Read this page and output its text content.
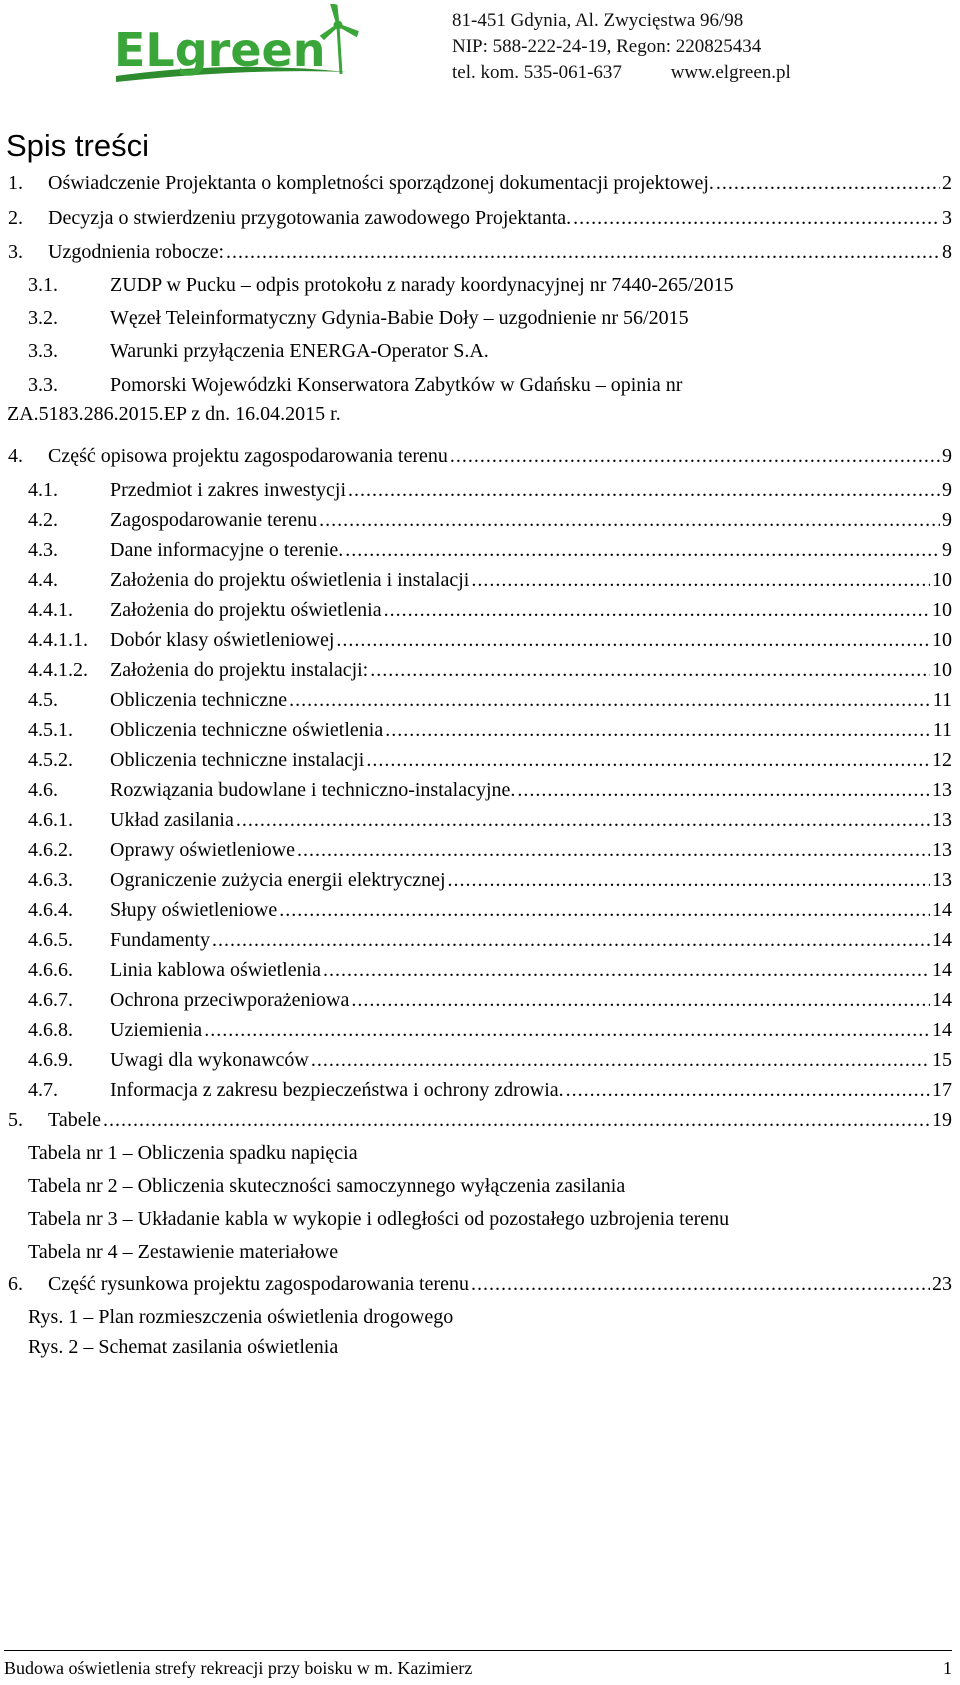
ELgreen
81-451 Gdynia, Al. Zwycięstwa 96/98
NIP: 588-222-24-19, Regon: 220825434
tel. kom. 535-061-637	www.elgreen.pl
Spis treści
1. Oświadczenie Projektanta o kompletności sporządzonej dokumentacji projektowej. .....	2
2. Decyzja o stwierdzeniu przygotowania zawodowego Projektanta. .....	3
3. Uzgodnienia robocze: .....	8
3.1.	ZUDP w Pucku – odpis protokołu z narady koordynacyjnej nr 7440-265/2015
3.2.	Węzeł Teleinformatyczny Gdynia-Babie Doły – uzgodnienie nr 56/2015
3.3.	Warunki przyłączenia ENERGA-Operator S.A.
3.3.	Pomorski Wojewódzki Konserwatora Zabytków w Gdańsku – opinia nr
ZA.5183.286.2015.EP z dn. 16.04.2015 r.
4. Część opisowa projektu zagospodarowania terenu .....	9
4.1.	Przedmiot i zakres inwestycji .....	9
4.2.	Zagospodarowanie terenu .....	9
4.3.	Dane informacyjne o terenie. .....	9
4.4.	Założenia do projektu oświetlenia i instalacji .....	10
4.4.1. Założenia do projektu oświetlenia .....	10
4.4.1.1. Dobór klasy oświetleniowej .....	10
4.4.1.2. Założenia do projektu instalacji: .....	10
4.5.	Obliczenia techniczne .....	11
4.5.1. Obliczenia techniczne oświetlenia .....	11
4.5.2. Obliczenia techniczne instalacji .....	12
4.6.	Rozwiązania budowlane i techniczno-instalacyjne. .....	13
4.6.1. Układ zasilania .....	13
4.6.2. Oprawy oświetleniowe .....	13
4.6.3. Ograniczenie zużycia energii elektrycznej .....	13
4.6.4. Słupy oświetleniowe .....	14
4.6.5. Fundamenty .....	14
4.6.6. Linia kablowa oświetlenia .....	14
4.6.7. Ochrona przeciwporażeniowa .....	14
4.6.8. Uziemienia .....	14
4.6.9. Uwagi dla wykonawców .....	15
4.7.	Informacja z zakresu bezpieczeństwa i ochrony zdrowia. .....	17
5. Tabele .....	19
Tabela nr 1 – Obliczenia spadku napięcia
Tabela nr 2 – Obliczenia skuteczności samoczynnego wyłączenia zasilania
Tabela nr 3 – Układanie kabla w wykopie i odległości od pozostałego uzbrojenia terenu
Tabela nr 4 – Zestawienie materiałowe
6. Część rysunkowa projektu zagospodarowania terenu .....	23
Rys. 1 – Plan rozmieszczenia oświetlenia drogowego
Rys. 2 – Schemat zasilania oświetlenia
Budowa oświetlenia strefy rekreacji przy boisku w m. Kazimierz	1
